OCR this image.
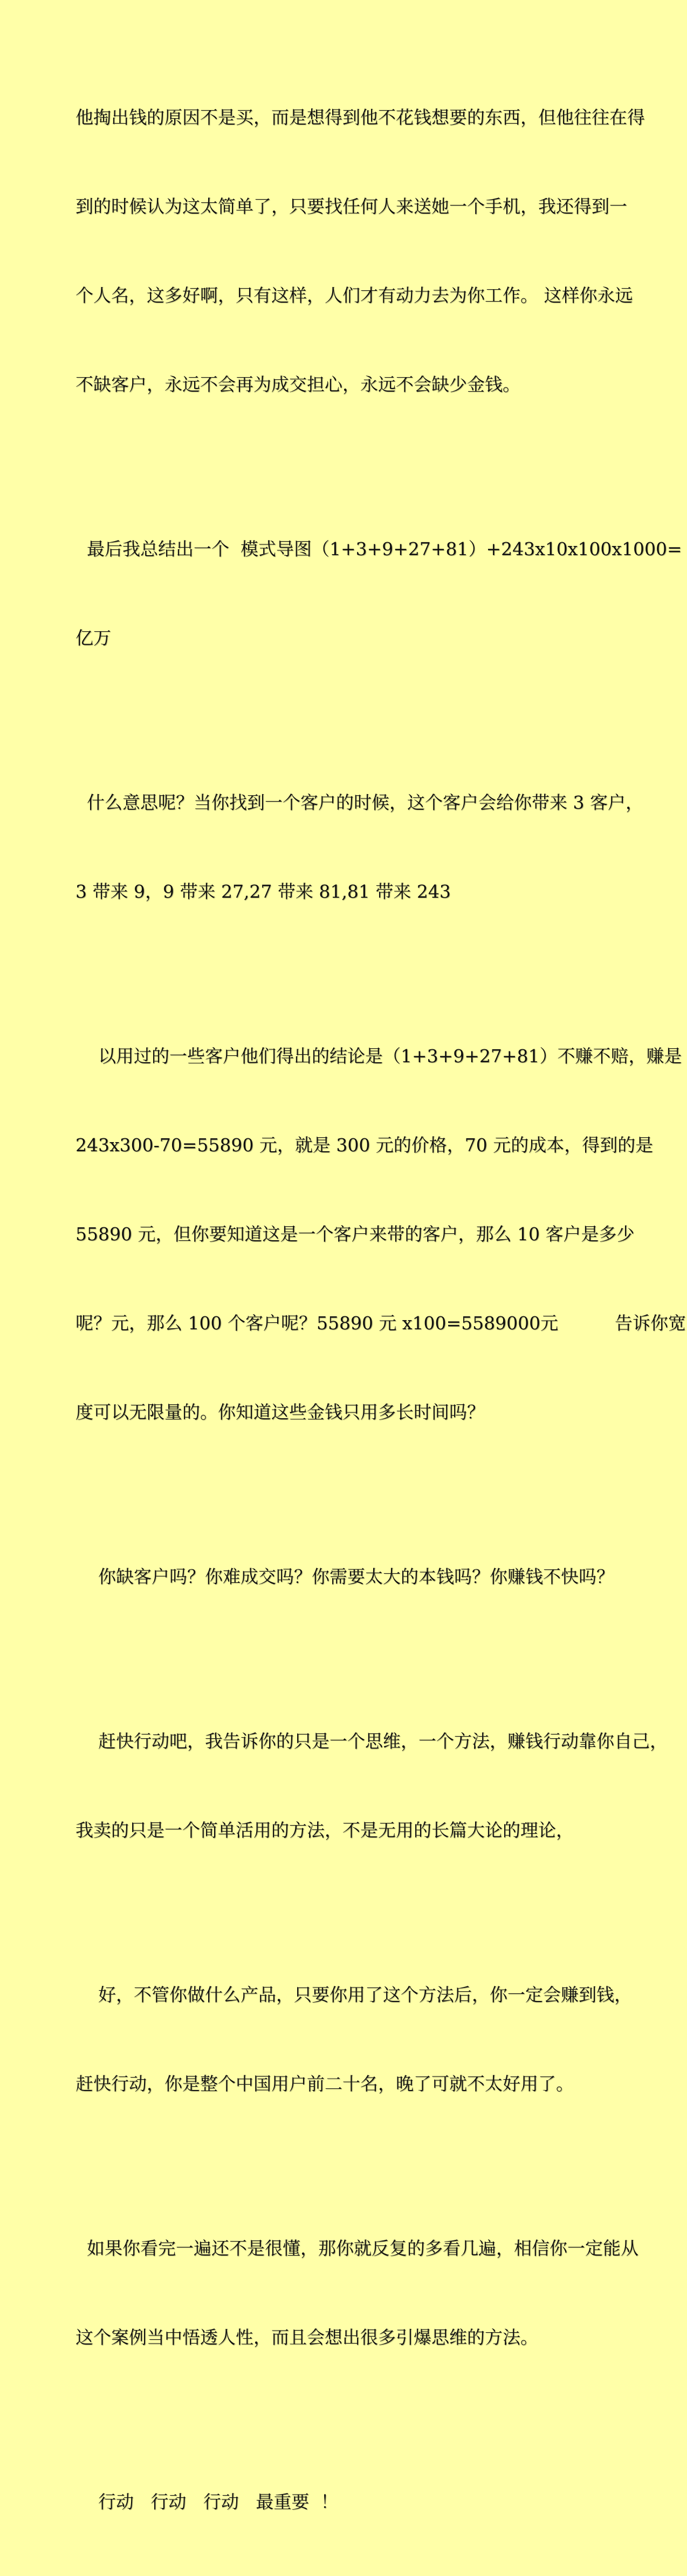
他掏出钱的原因不是买，而是想得到他不花钱想要的东西，但他往往在得

到的时候认为这太简单了，只要找任何人来送她一个手机，我还得到一

个人名，这多好啊，只有这样，人们才有动力去为你工作。 这样你永远

不缺客户，永远不会再为成交担心，永远不会缺少金钱。

最后我总结出一个  模式导图（1+3+9+27+81）+243x10x100x1000=

亿万

什么意思呢？当你找到一个客户的时候，这个客户会给你带来 3 客户，

3 带来 9，9 带来 27,27 带来 81,81 带来 243

以用过的一些客户他们得出的结论是（1+3+9+27+81）不赚不赔，赚是

243x300-70=55890 元，就是 300 元的价格，70 元的成本，得到的是

55890 元，但你要知道这是一个客户来带的客户，那么 10 客户是多少

呢？元，那么 100 个客户呢？55890 元 x100=5589000元          告诉你宽

度可以无限量的。你知道这些金钱只用多长时间吗？

你缺客户吗？你难成交吗？你需要太大的本钱吗？你赚钱不快吗？

赶快行动吧，我告诉你的只是一个思维，一个方法，赚钱行动靠你自己，

我卖的只是一个简单活用的方法，不是无用的长篇大论的理论，

好，不管你做什么产品，只要你用了这个方法后，你一定会赚到钱，

赶快行动，你是整个中国用户前二十名，晚了可就不太好用了。

如果你看完一遍还不是很懂，那你就反复的多看几遍，相信你一定能从

这个案例当中悟透人性，而且会想出很多引爆思维的方法。

行动   行动   行动   最重要  ！
